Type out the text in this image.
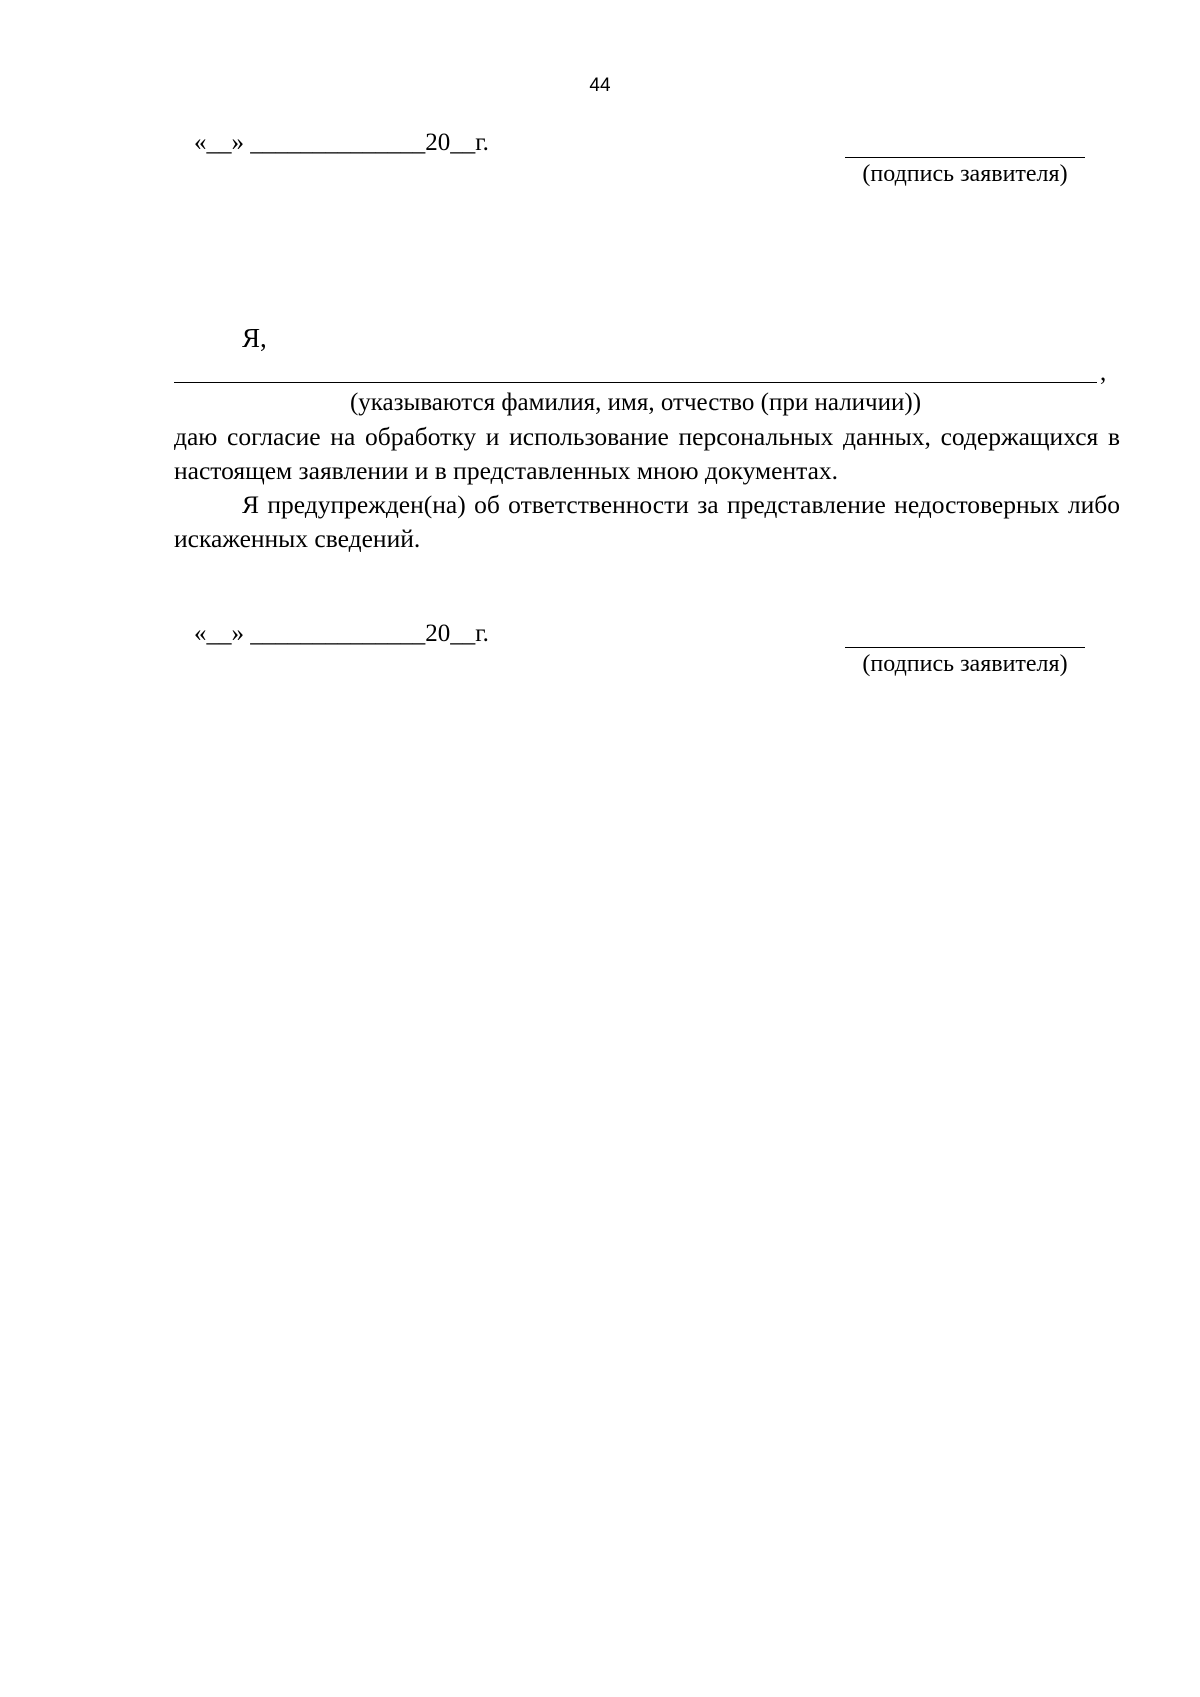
44
«__» ______________20__г.
(подпись заявителя)
Я,
,
(указываются фамилия, имя, отчество (при наличии))

даю согласие на обработку и использование персональных данных, содержащихся в настоящем заявлении и в представленных мною документах.

Я предупрежден(на) об ответственности за представление недостоверных либо искаженных сведений.

«__» ______________20__г.
(подпись заявителя)
